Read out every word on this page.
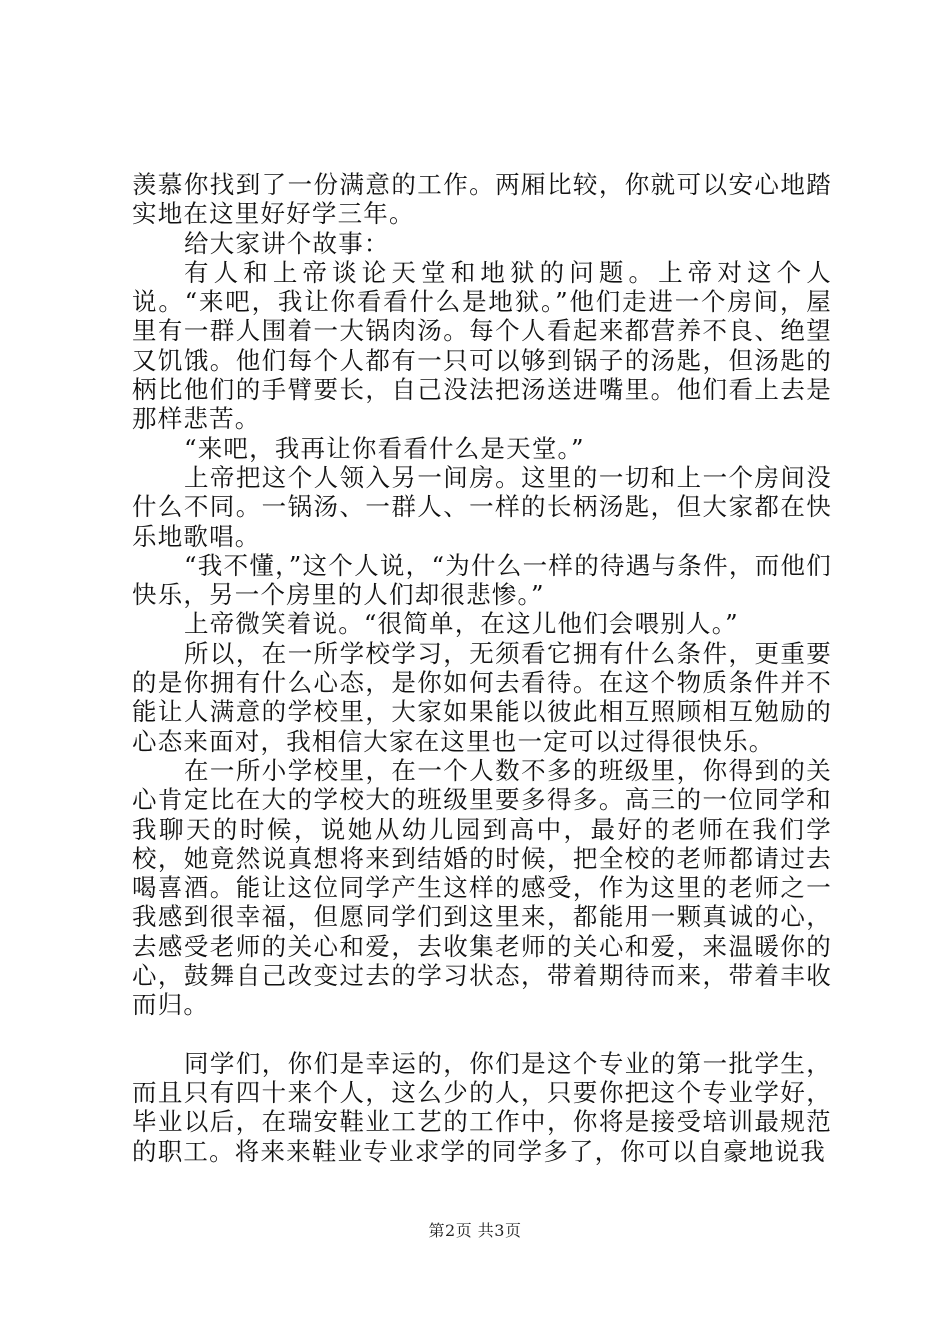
羡慕你找到了一份满意的工作。两厢比较，你就可以安心地踏实地在这里好好学三年。

给大家讲个故事：

有人和上帝谈论天堂和地狱的问题。上帝对这个人说。“来吧，我让你看看什么是地狱。”他们走进一个房间，屋里有一群人围着一大锅肉汤。每个人看起来都营养不良、绝望又饥饿。他们每个人都有一只可以够到锅子的汤匙，但汤匙的柄比他们的手臂要长，自己没法把汤送进嘴里。他们看上去是那样悲苦。

“来吧，我再让你看看什么是天堂。”

上帝把这个人领入另一间房。这里的一切和上一个房间没什么不同。一锅汤、一群人、一样的长柄汤匙，但大家都在快乐地歌唱。

“我不懂，”这个人说，“为什么一样的待遇与条件，而他们快乐，另一个房里的人们却很悲惨。”

上帝微笑着说。“很简单，在这儿他们会喂别人。”

所以，在一所学校学习，无须看它拥有什么条件，更重要的是你拥有什么心态，是你如何去看待。在这个物质条件并不能让人满意的学校里，大家如果能以彼此相互照顾相互勉励的心态来面对，我相信大家在这里也一定可以过得很快乐。

在一所小学校里，在一个人数不多的班级里，你得到的关心肯定比在大的学校大的班级里要多得多。高三的一位同学和我聊天的时候，说她从幼儿园到高中，最好的老师在我们学校，她竟然说真想将来到结婚的时候，把全校的老师都请过去喝喜酒。能让这位同学产生这样的感受，作为这里的老师之一我感到很幸福，但愿同学们到这里来，都能用一颗真诚的心，去感受老师的关心和爱，去收集老师的关心和爱，来温暖你的心，鼓舞自己改变过去的学习状态，带着期待而来，带着丰收而归。

同学们，你们是幸运的，你们是这个专业的第一批学生，而且只有四十来个人，这么少的人，只要你把这个专业学好，毕业以后，在瑞安鞋业工艺的工作中，你将是接受培训最规范的职工。将来来鞋业专业求学的同学多了，你可以自豪地说我

第2页 共3页
